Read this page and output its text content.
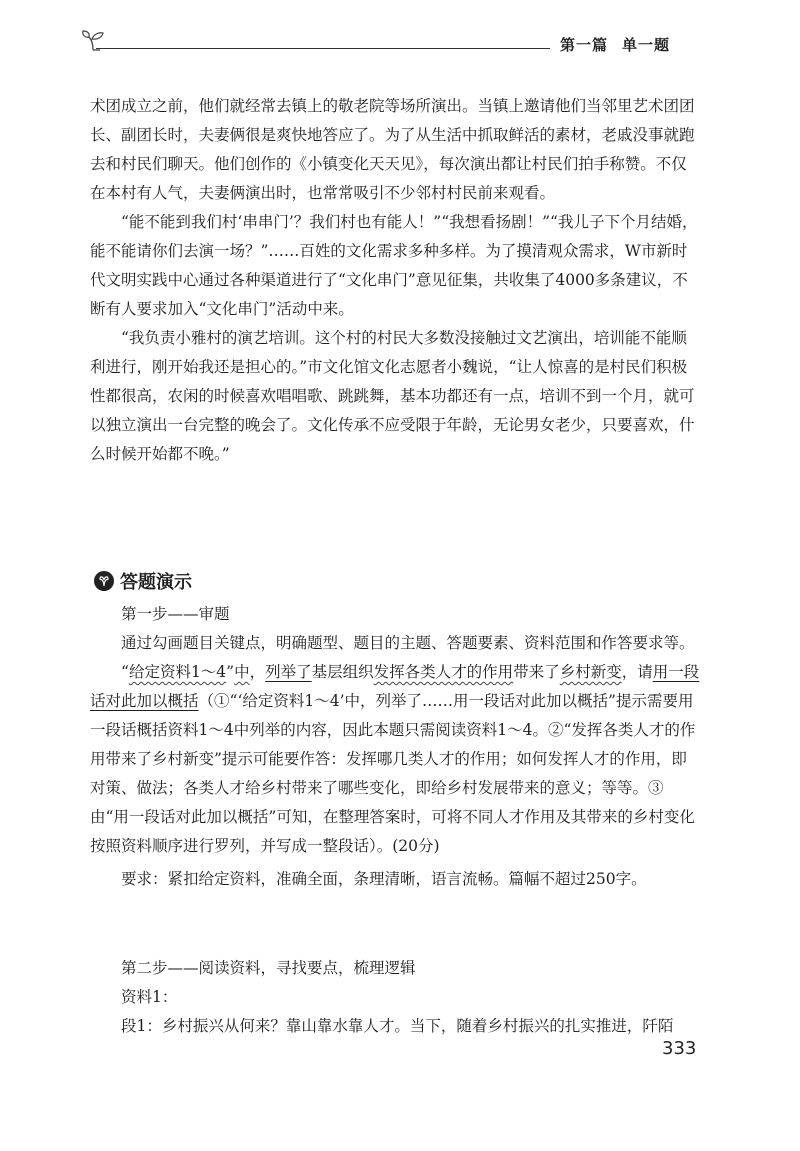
第一篇 单一题

术团成立之前，他们就经常去镇上的敬老院等场所演出。当镇上邀请他们当邻里艺术团团长、副团长时，夫妻俩很是爽快地答应了。为了从生活中抓取鲜活的素材，老戚没事就跑去和村民们聊天。他们创作的《小镇变化天天见》，每次演出都让村民们拍手称赞。不仅在本村有人气，夫妻俩演出时，也常常吸引不少邻村村民前来观看。

“能不能到我们村‘串串门’？我们村也有能人！”“我想看扬剧！”“我儿子下个月结婚，能不能请你们去演一场？”……百姓的文化需求多种多样。为了摸清观众需求，W市新时代文明实践中心通过各种渠道进行了“文化串门”意见征集，共收集了4000多条建议，不断有人要求加入“文化串门”活动中来。

“我负责小雅村的演艺培训。这个村的村民大多数没接触过文艺演出，培训能不能顺利进行，刚开始我还是担心的。”市文化馆文化志愿者小魏说，“让人惊喜的是村民们积极性都很高，农闲的时候喜欢唱唱歌、跳跳舞，基本功都还有一点，培训不到一个月，就可以独立演出一台完整的晚会了。文化传承不应受限于年龄，无论男女老少，只要喜欢，什么时候开始都不晚。”

答题演示

第一步——审题

通过勾画题目关键点，明确题型、题目的主题、答题要素、资料范围和作答要求等。

“给定资料1～4”中，列举了基层组织发挥各类人才的作用带来了乡村新变，请用一段话对此加以概括（①“‘给定资料1～4’中，列举了……用一段话对此加以概括”提示需要用一段话概括资料1～4中列举的内容，因此本题只需阅读资料1～4。②“发挥各类人才的作用带来了乡村新变”提示可能要作答：发挥哪几类人才的作用；如何发挥人才的作用，即对策、做法；各类人才给乡村带来了哪些变化，即给乡村发展带来的意义；等等。③由“用一段话对此加以概括”可知，在整理答案时，可将不同人才作用及其带来的乡村变化按照资料顺序进行罗列，并写成一整段话）。(20分)

要求：紧扣给定资料，准确全面，条理清晰，语言流畅。篇幅不超过250字。

第二步——阅读资料，寻找要点，梳理逻辑

资料1：

段1：乡村振兴从何来？靠山靠水靠人才。当下，随着乡村振兴的扎实推进，阡陌

333
